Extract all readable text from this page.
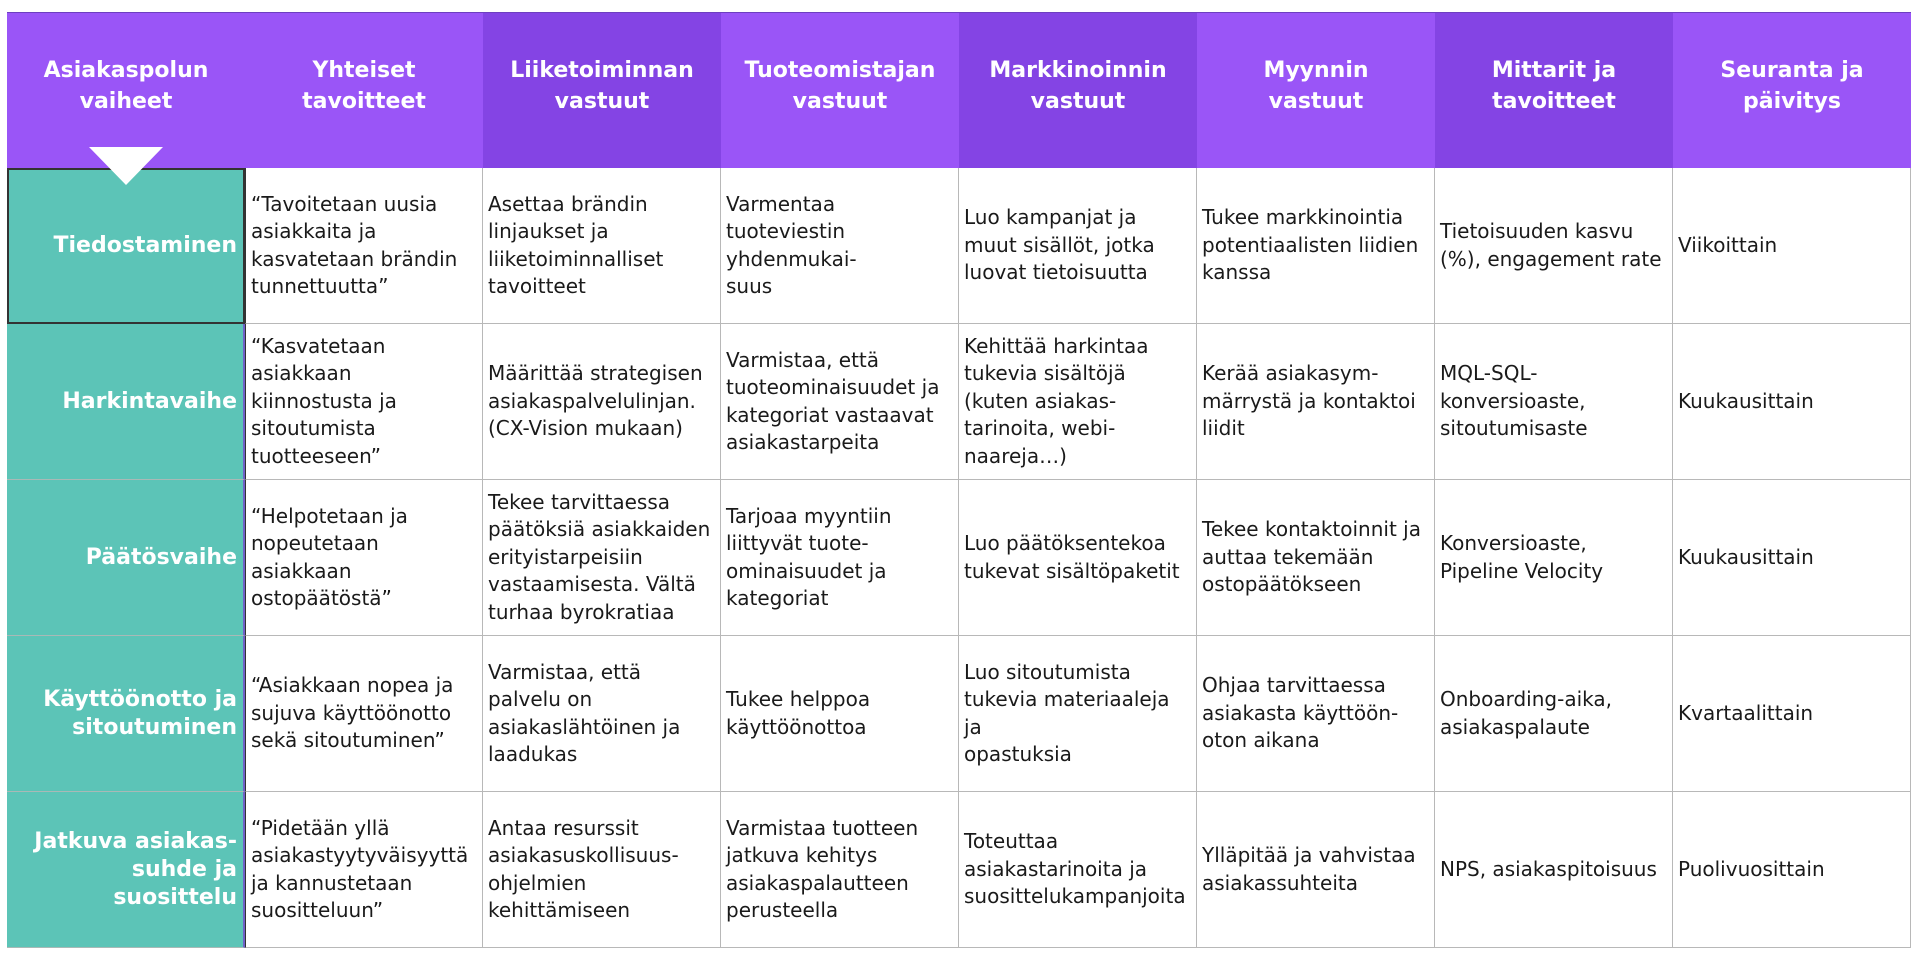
Asiakaspolun
vaiheet
Yhteiset
tavoitteet
Liiketoiminnan
vastuut
Tuoteomistajan
vastuut
Markkinoinnin
vastuut
Myynnin
vastuut
Mittarit ja
tavoitteet
Seuranta ja
päivitys
Tiedostaminen
“Tavoitetaan uusia
asiakkaita ja
kasvatetaan brändin
tunnettuutta”
Asettaa brändin
linjaukset ja
liiketoiminnalliset
tavoitteet
Varmentaa
tuoteviestin
yhdenmukai-
suus
Luo kampanjat ja
muut sisällöt, jotka
luovat tietoisuutta
Tukee markkinointia
potentiaalisten liidien
kanssa
Tietoisuuden kasvu
(%), engagement rate
Viikoittain
Harkintavaihe
“Kasvatetaan
asiakkaan
kiinnostusta ja
sitoutumista
tuotteeseen”
Määrittää strategisen
asiakaspalvelulinjan.
(CX-Vision mukaan)
Varmistaa, että
tuoteominaisuudet ja
kategoriat vastaavat
asiakastarpeita
Kehittää harkintaa
tukevia sisältöjä
(kuten asiakas-
tarinoita, webi-
naareja…)
Kerää asiakasym-
märrystä ja kontaktoi
liidit
MQL-SQL-
konversioaste,
sitoutumisaste
Kuukausittain
Päätösvaihe
“Helpotetaan ja
nopeutetaan
asiakkaan
ostopäätöstä”
Tekee tarvittaessa
päätöksiä asiakkaiden
erityistarpeisiin
vastaamisesta. Vältä
turhaa byrokratiaa
Tarjoaa myyntiin
liittyvät tuote-
ominaisuudet ja
kategoriat
Luo päätöksentekoa
tukevat sisältöpaketit
Tekee kontaktoinnit ja
auttaa tekemään
ostopäätökseen
Konversioaste,
Pipeline Velocity
Kuukausittain
Käyttöönotto ja
sitoutuminen
“Asiakkaan nopea ja
sujuva käyttöönotto
sekä sitoutuminen”
Varmistaa, että
palvelu on
asiakaslähtöinen ja
laadukas
Tukee helppoa
käyttöönottoa
Luo sitoutumista
tukevia materiaaleja ja
opastuksia
Ohjaa tarvittaessa
asiakasta käyttöön-
oton aikana
Onboarding-aika,
asiakaspalaute
Kvartaalittain
Jatkuva asiakas-
suhde ja suosittelu
“Pidetään yllä
asiakastyytyväisyyttä
ja kannustetaan
suositteluun”
Antaa resurssit
asiakasuskollisuus-
ohjelmien
kehittämiseen
Varmistaa tuotteen
jatkuva kehitys
asiakaspalautteen
perusteella
Toteuttaa
asiakastarinoita ja
suosittelukampanjoita
Ylläpitää ja vahvistaa
asiakassuhteita
NPS, asiakaspitoisuus	Puolivuosittain
